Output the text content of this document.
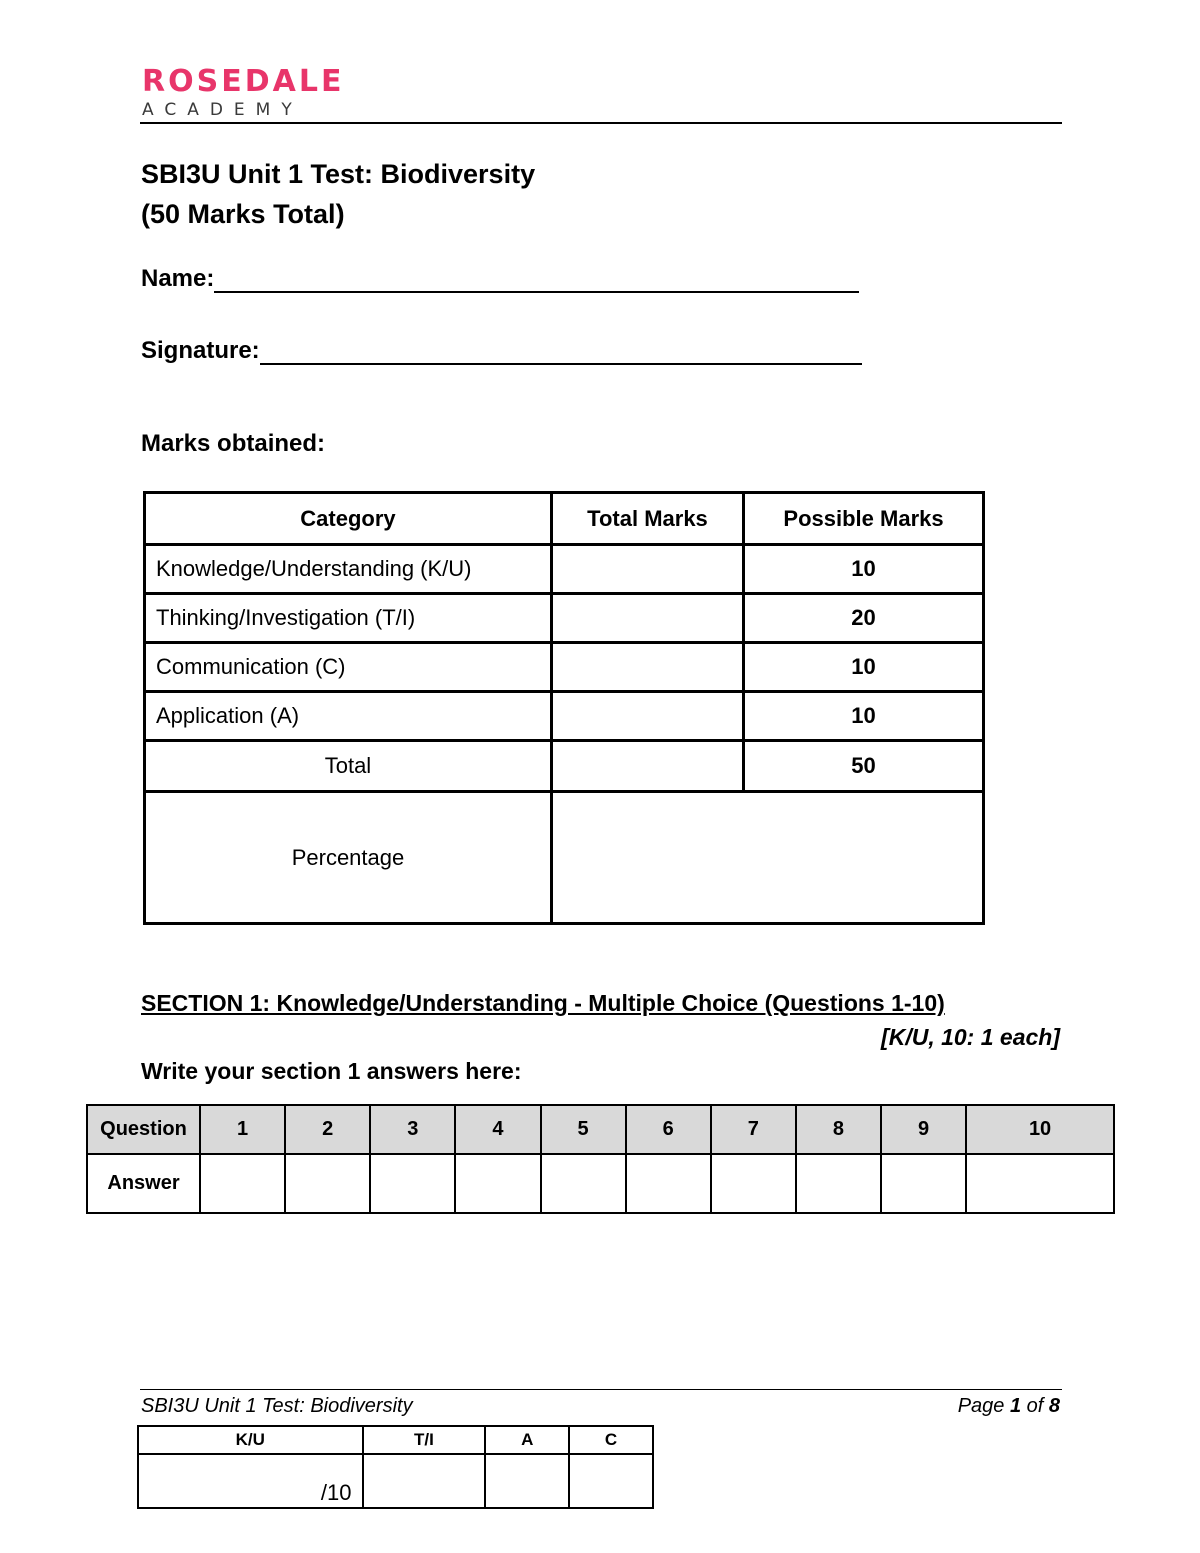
ROSEDALE
ACADEMY
SBI3U Unit 1 Test: Biodiversity
(50 Marks Total)
Name:
Signature:
Marks obtained:
Category	Total Marks	Possible Marks
Knowledge/Understanding (K/U)		10
Thinking/Investigation (T/I)		20
Communication (C)		10
Application (A)		10
Total		50
Percentage		
SECTION 1: Knowledge/Understanding - Multiple Choice (Questions 1-10)
[K/U, 10: 1 each]
Write your section 1 answers here:
Question	1	2	3	4	5	6	7	8	9	10
Answer										
SBI3U Unit 1 Test: Biodiversity	Page 1 of 8
K/U	T/I	A	C
/10			
